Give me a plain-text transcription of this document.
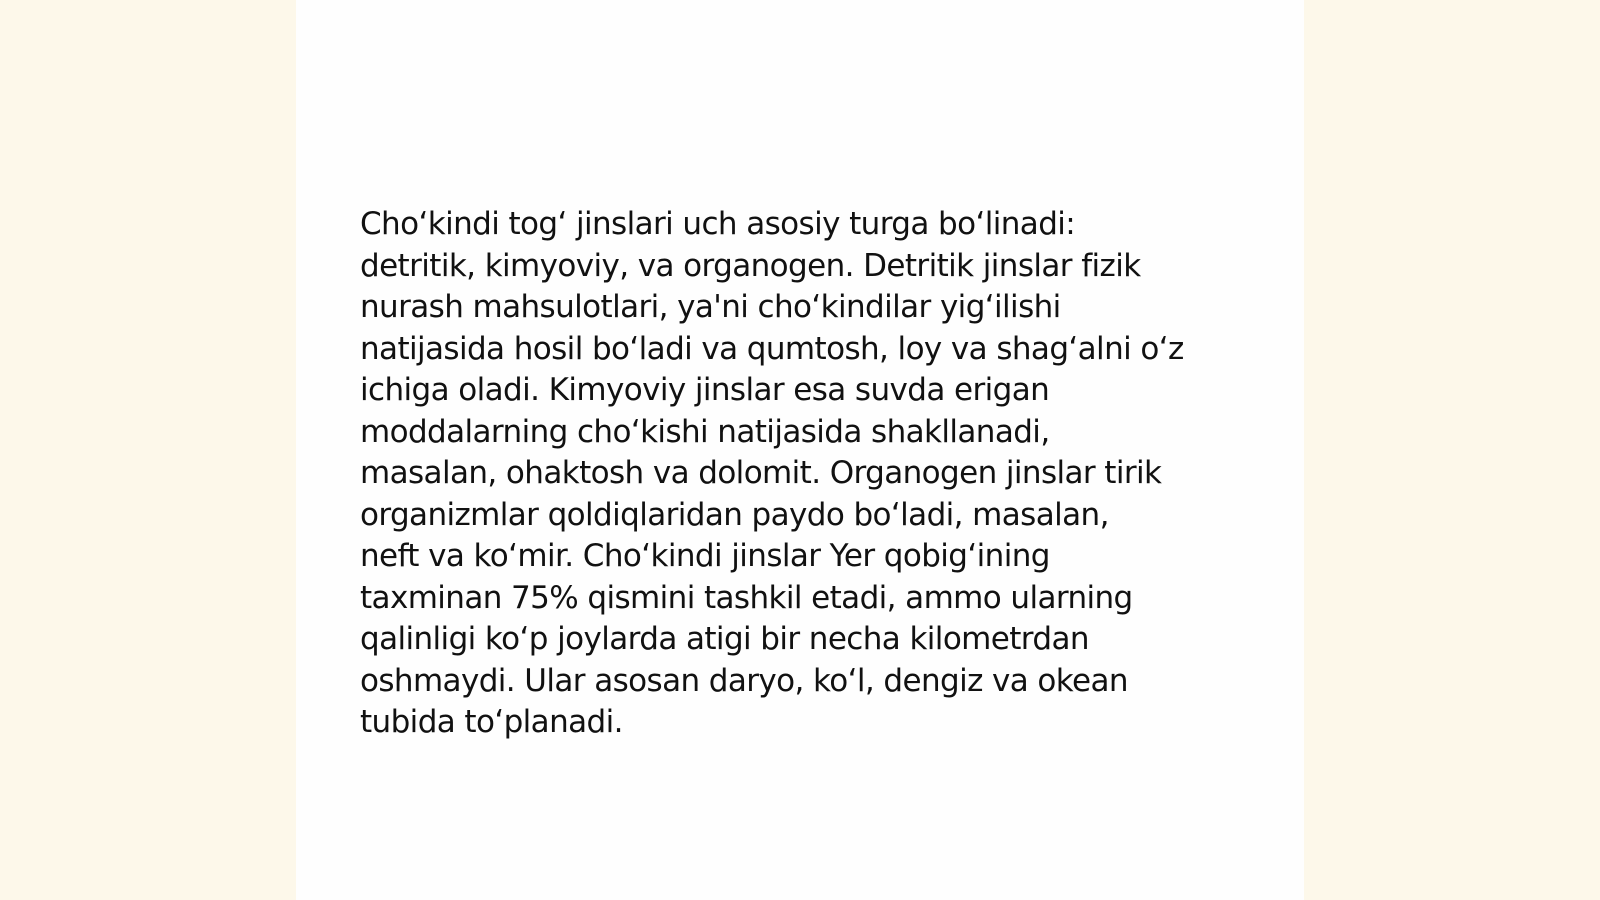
Cho‘kindi tog‘ jinslari uch asosiy turga bo‘linadi:
detritik, kimyoviy, va organogen. Detritik jinslar fizik
nurash mahsulotlari, ya'ni cho‘kindilar yig‘ilishi
natijasida hosil bo‘ladi va qumtosh, loy va shag‘alni o‘z
ichiga oladi. Kimyoviy jinslar esa suvda erigan
moddalarning cho‘kishi natijasida shakllanadi,
masalan, ohaktosh va dolomit. Organogen jinslar tirik
organizmlar qoldiqlaridan paydo bo‘ladi, masalan,
neft va ko‘mir. Cho‘kindi jinslar Yer qobig‘ining
taxminan 75% qismini tashkil etadi, ammo ularning
qalinligi ko‘p joylarda atigi bir necha kilometrdan
oshmaydi. Ular asosan daryo, ko‘l, dengiz va okean
tubida to‘planadi.
